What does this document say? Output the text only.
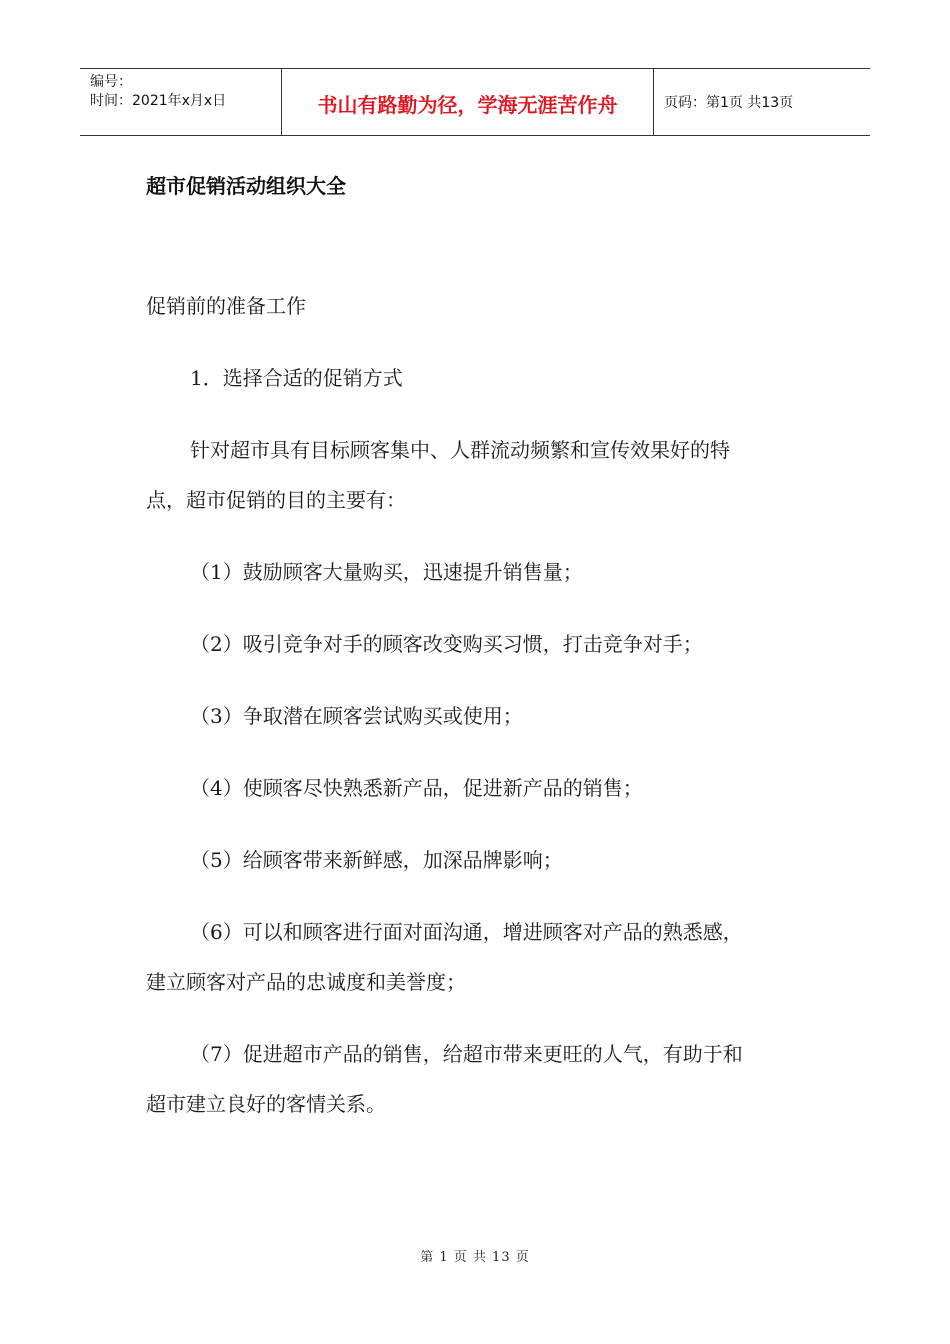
编号：
时间：2021年x月x日	书山有路勤为径，学海无涯苦作舟	页码：第1页 共13页
超市促销活动组织大全
促销前的准备工作
1．选择合适的促销方式
针对超市具有目标顾客集中、人群流动频繁和宣传效果好的特
点，超市促销的目的主要有：
（1）鼓励顾客大量购买，迅速提升销售量；
（2）吸引竞争对手的顾客改变购买习惯，打击竞争对手；
（3）争取潜在顾客尝试购买或使用；
（4）使顾客尽快熟悉新产品，促进新产品的销售；
（5）给顾客带来新鲜感，加深品牌影响；
（6）可以和顾客进行面对面沟通，增进顾客对产品的熟悉感，
建立顾客对产品的忠诚度和美誉度；
（7）促进超市产品的销售，给超市带来更旺的人气，有助于和
超市建立良好的客情关系。
第 1 页 共 13 页
